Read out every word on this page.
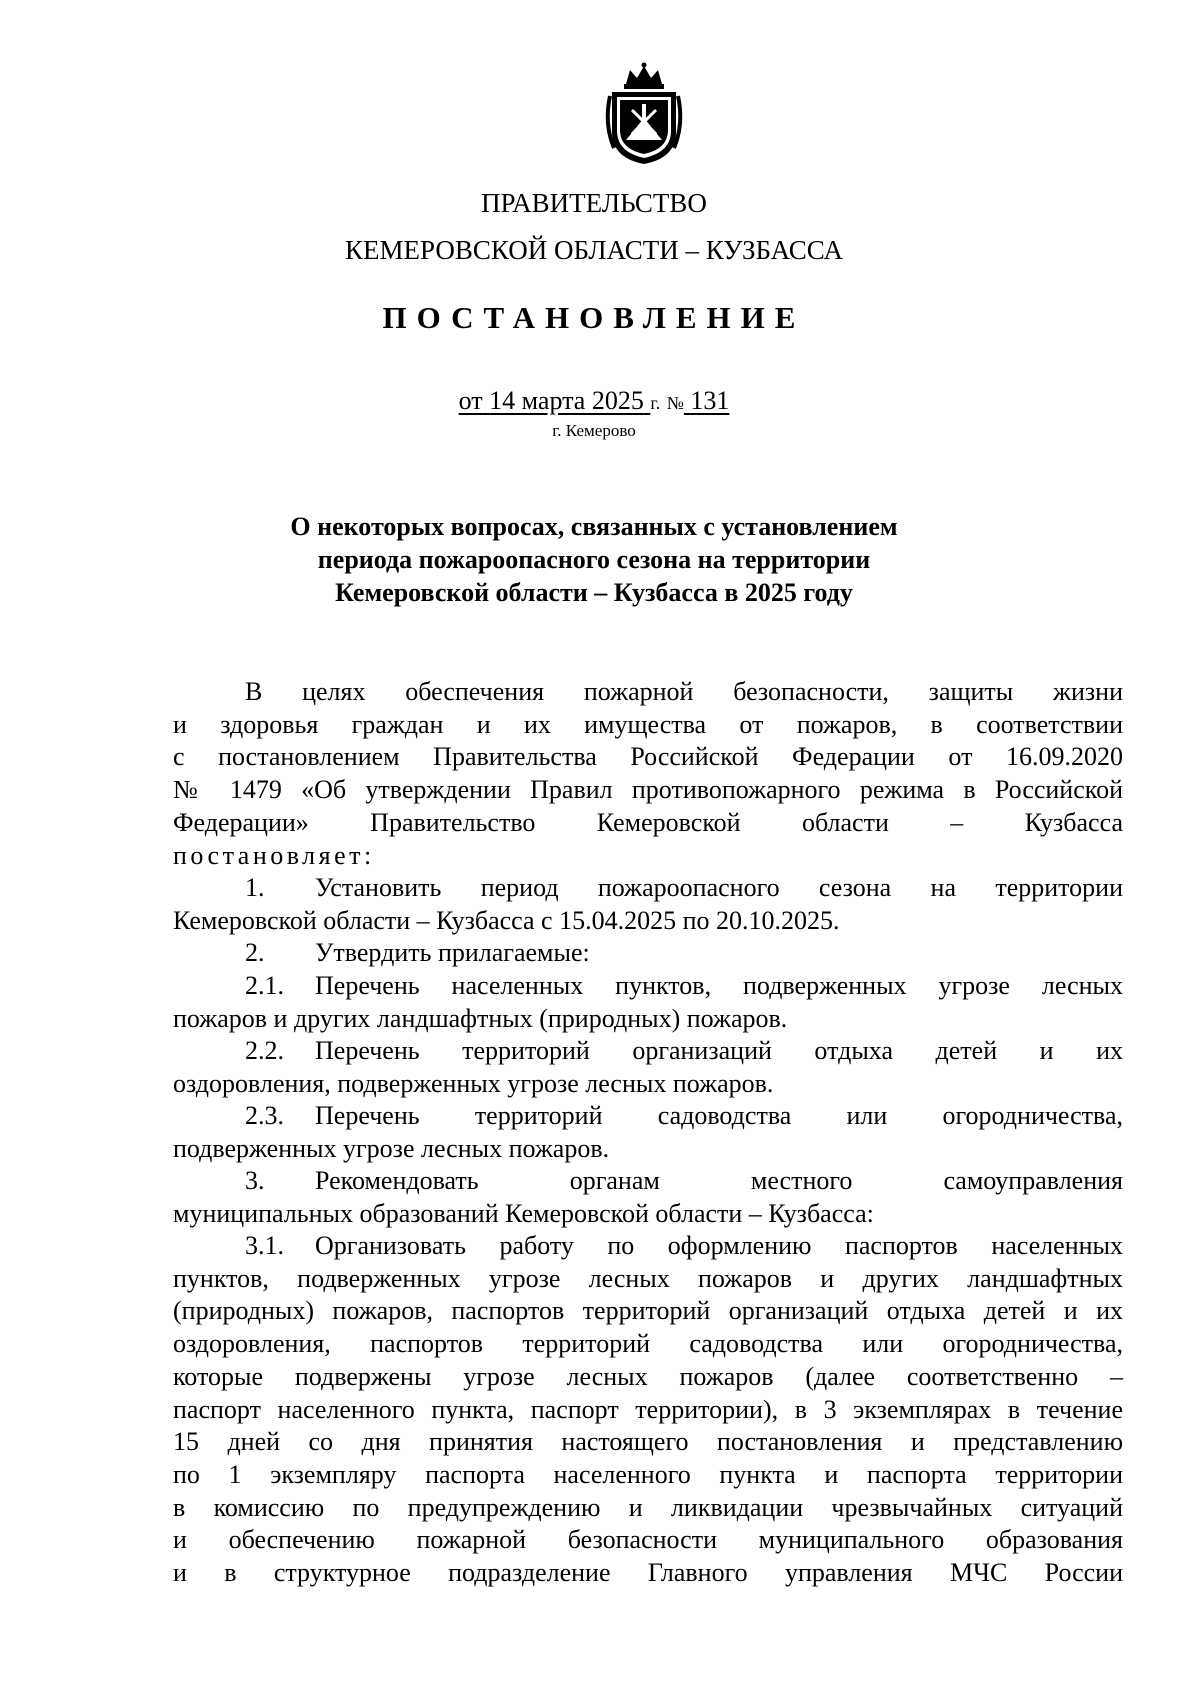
ПРАВИТЕЛЬСТВО
КЕМЕРОВСКОЙ ОБЛАСТИ – КУЗБАССА
ПОСТАНОВЛЕНИЕ
от 14 марта 2025 г. № 131
г. Кемерово
О некоторых вопросах, связанных с установлением
периода пожароопасного сезона на территории
Кемеровской области – Кузбасса в 2025 году
В целях обеспечения пожарной безопасности, защиты жизни
и здоровья граждан и их имущества от пожаров, в соответствии
с постановлением Правительства Российской Федерации от 16.09.2020
№ 1479 «Об утверждении Правил противопожарного режима в Российской
Федерации» Правительство Кемеровской области – Кузбасса
постановляет:
1. Установить период пожароопасного сезона на территории
Кемеровской области – Кузбасса с 15.04.2025 по 20.10.2025.
2. Утвердить прилагаемые:
2.1. Перечень населенных пунктов, подверженных угрозе лесных
пожаров и других ландшафтных (природных) пожаров.
2.2. Перечень территорий организаций отдыха детей и их
оздоровления, подверженных угрозе лесных пожаров.
2.3. Перечень территорий садоводства или огородничества,
подверженных угрозе лесных пожаров.
3. Рекомендовать органам местного самоуправления
муниципальных образований Кемеровской области – Кузбасса:
3.1. Организовать работу по оформлению паспортов населенных
пунктов, подверженных угрозе лесных пожаров и других ландшафтных
(природных) пожаров, паспортов территорий организаций отдыха детей и их
оздоровления, паспортов территорий садоводства или огородничества,
которые подвержены угрозе лесных пожаров (далее соответственно –
паспорт населенного пункта, паспорт территории), в 3 экземплярах в течение
15 дней со дня принятия настоящего постановления и представлению
по 1 экземпляру паспорта населенного пункта и паспорта территории
в комиссию по предупреждению и ликвидации чрезвычайных ситуаций
и обеспечению пожарной безопасности муниципального образования
и в структурное подразделение Главного управления МЧС России
